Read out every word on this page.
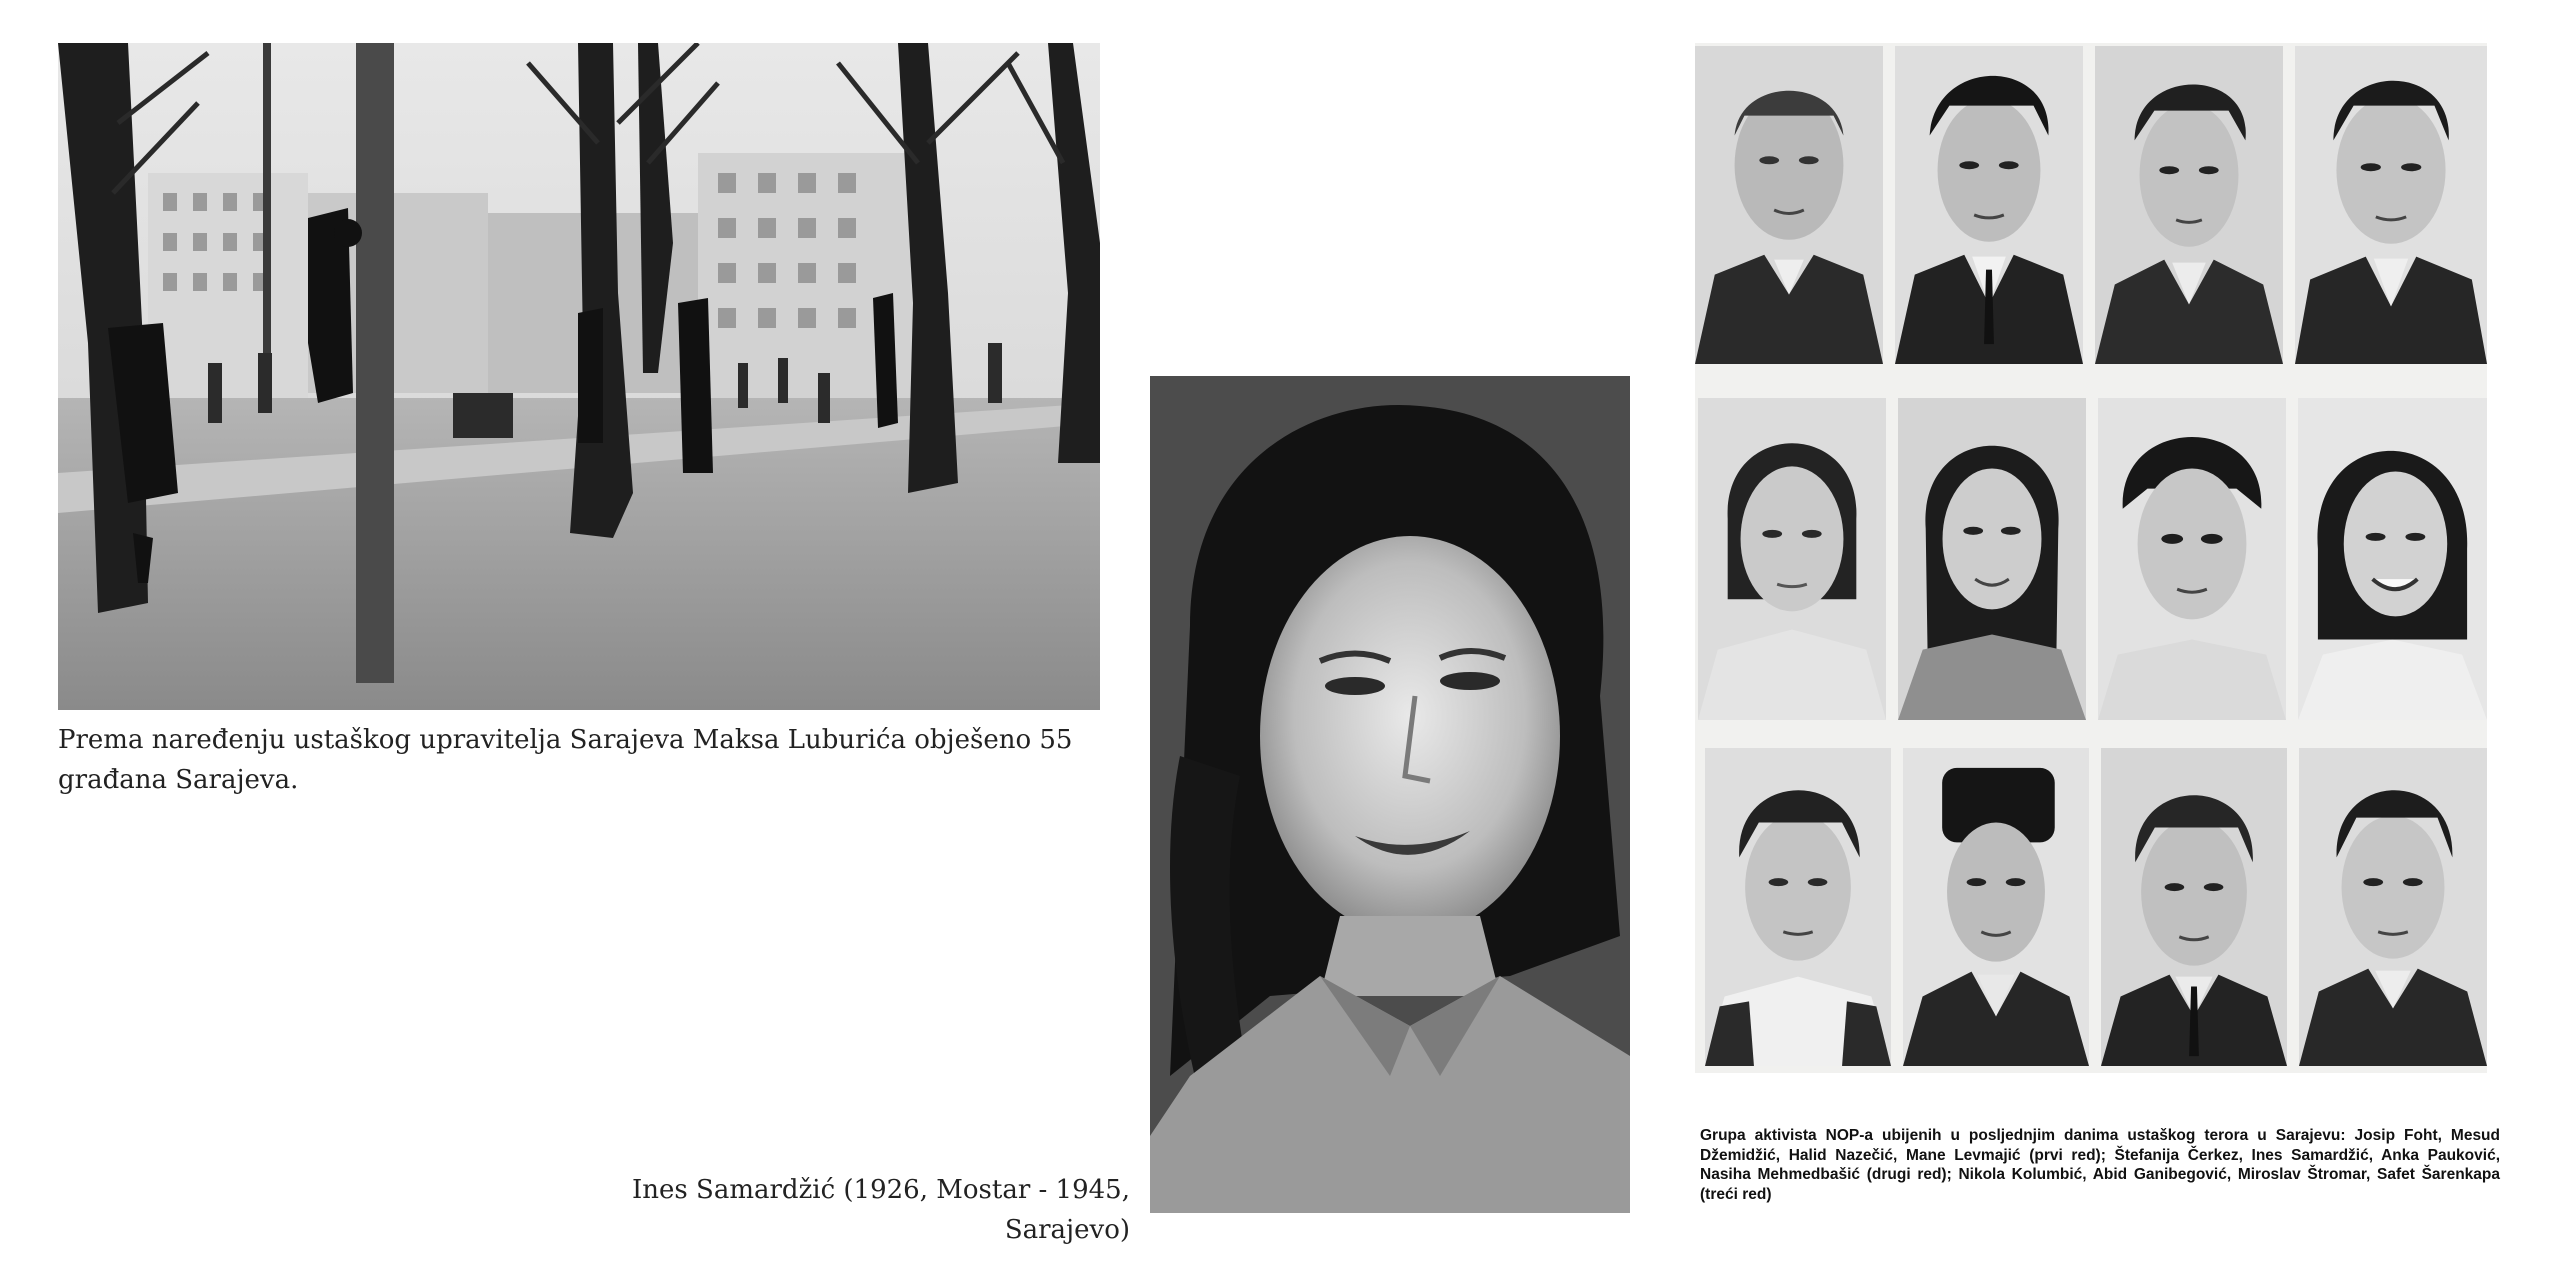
Prema naređenju ustaškog upravitelja Sarajeva Maksa Luburića obješeno 55 građana Sarajeva.
Ines Samardžić (1926, Mostar - 1945, Sarajevo)
Grupa aktivista NOP-a ubijenih u posljednjim danima ustaškog terora u Sarajevu: Josip Foht, Mesud Džemidžić, Halid Nazečić, Mane Levmajić (prvi red); Štefanija Čerkez, Ines Samardžić, Anka Pauković, Nasiha Mehmedbašić (drugi red); Nikola Kolumbić, Abid Ganibegović, Miroslav Štromar, Safet Šarenkapa (treći red)
